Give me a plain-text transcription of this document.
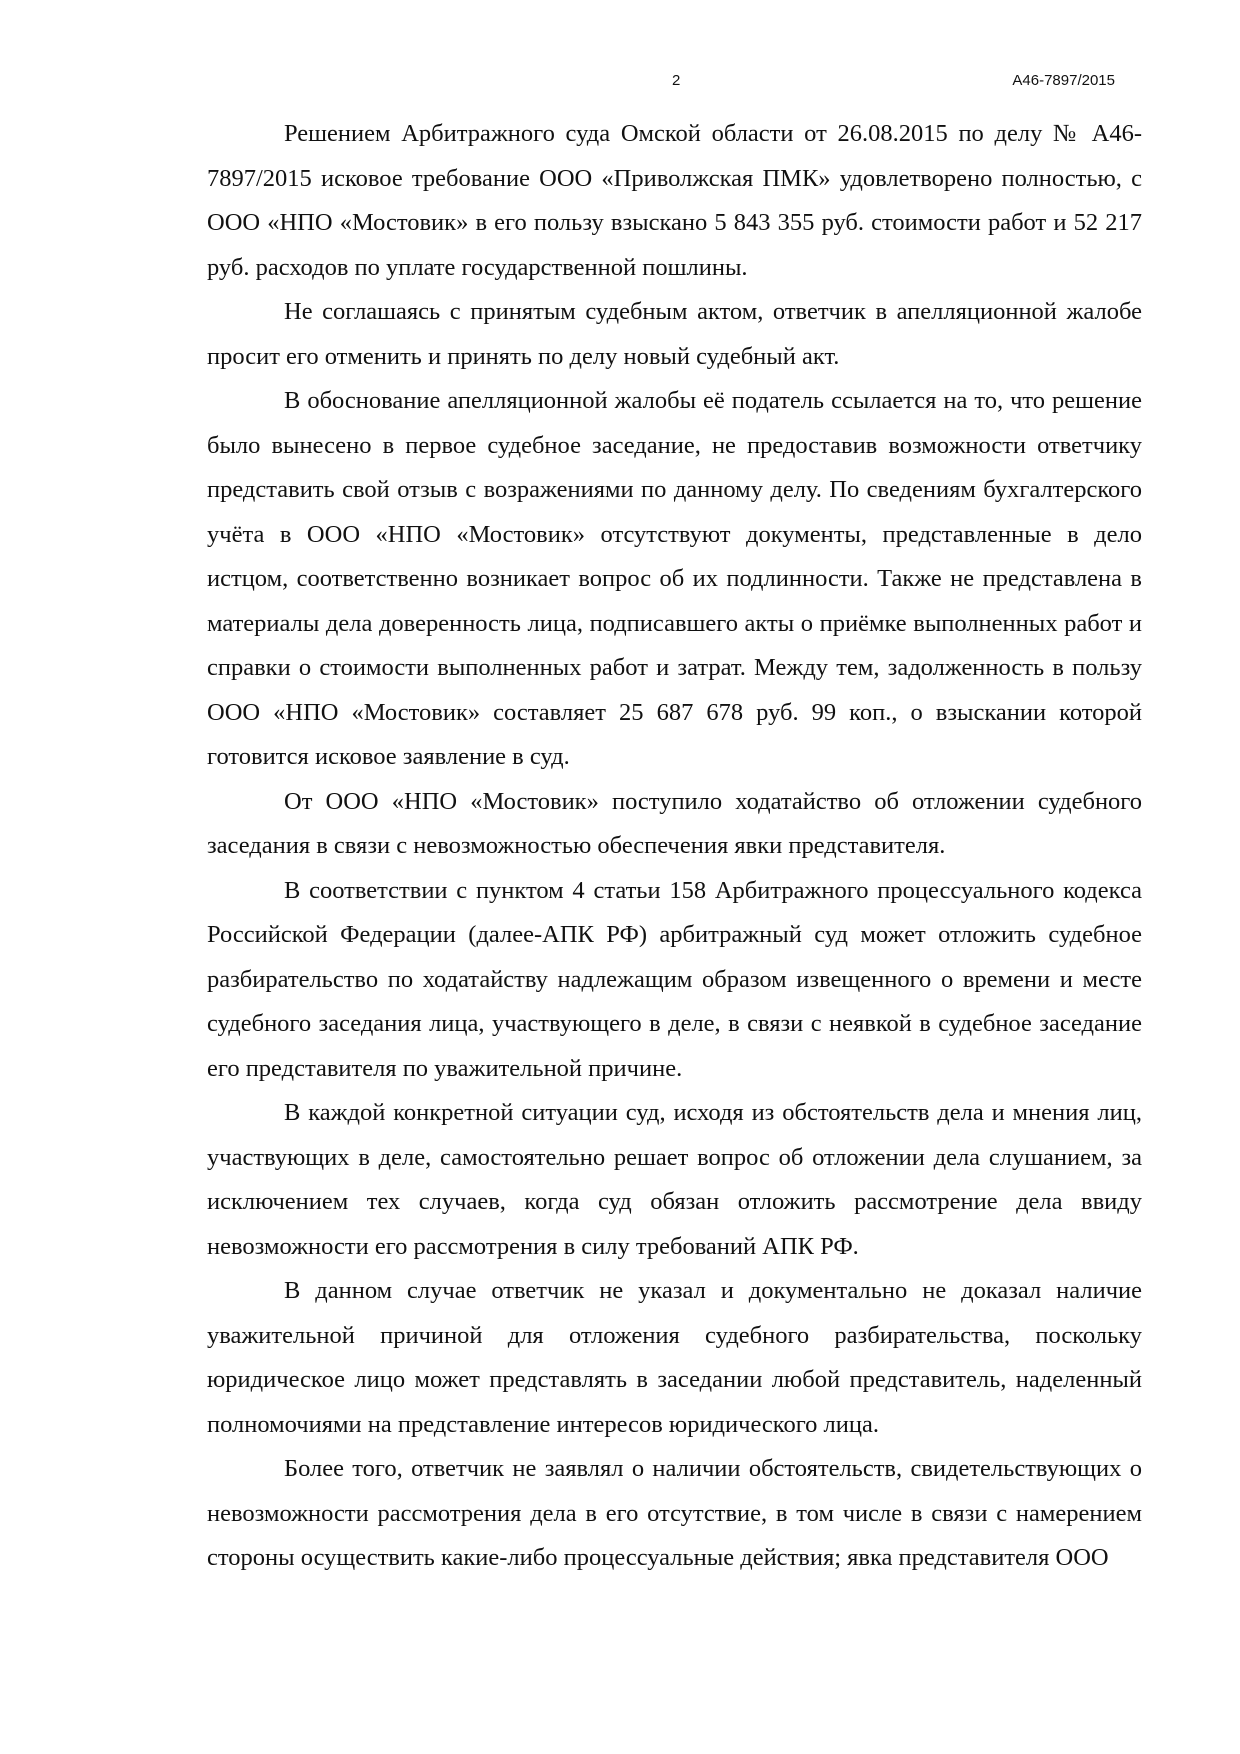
2	А46-7897/2015

Решением Арбитражного суда Омской области от 26.08.2015 по делу № А46-7897/2015 исковое требование ООО «Приволжская ПМК» удовлетворено полностью, с ООО «НПО «Мостовик» в его пользу взыскано 5 843 355 руб. стоимости работ и 52 217 руб. расходов по уплате государственной пошлины.

Не соглашаясь с принятым судебным актом, ответчик в апелляционной жалобе просит его отменить и принять по делу новый судебный акт.

В обоснование апелляционной жалобы её податель ссылается на то, что решение было вынесено в первое судебное заседание, не предоставив возможности ответчику представить свой отзыв с возражениями по данному делу. По сведениям бухгалтерского учёта в ООО «НПО «Мостовик» отсутствуют документы, представленные в дело истцом, соответственно возникает вопрос об их подлинности. Также не представлена в материалы дела доверенность лица, подписавшего акты о приёмке выполненных работ и справки о стоимости выполненных работ и затрат. Между тем, задолженность в пользу ООО «НПО «Мостовик» составляет 25 687 678 руб. 99 коп., о взыскании которой готовится исковое заявление в суд.

От ООО «НПО «Мостовик» поступило ходатайство об отложении судебного заседания в связи с невозможностью обеспечения явки представителя.

В соответствии с пунктом 4 статьи 158 Арбитражного процессуального кодекса Российской Федерации (далее-АПК РФ) арбитражный суд может отложить судебное разбирательство по ходатайству надлежащим образом извещенного о времени и месте судебного заседания лица, участвующего в деле, в связи с неявкой в судебное заседание его представителя по уважительной причине.

В каждой конкретной ситуации суд, исходя из обстоятельств дела и мнения лиц, участвующих в деле, самостоятельно решает вопрос об отложении дела слушанием, за исключением тех случаев, когда суд обязан отложить рассмотрение дела ввиду невозможности его рассмотрения в силу требований АПК РФ.

В данном случае ответчик не указал и документально не доказал наличие уважительной причиной для отложения судебного разбирательства, поскольку юридическое лицо может представлять в заседании любой представитель, наделенный полномочиями на представление интересов юридического лица.

Более того, ответчик не заявлял о наличии обстоятельств, свидетельствующих о невозможности рассмотрения дела в его отсутствие, в том числе в связи с намерением стороны осуществить какие-либо процессуальные действия; явка представителя ООО
